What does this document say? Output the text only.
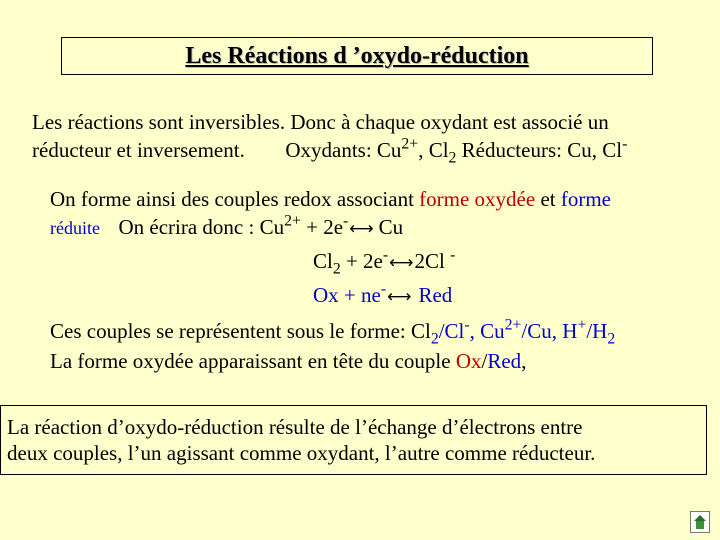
Les Réactions d ’oxydo-réduction
Les réactions sont inversibles. Donc à chaque oxydant est associé un
réducteur et inversement. Oxydants: $Cu^{2+}$, $Cl_2$ Réducteurs: Cu, Cl-
On forme ainsi des couples redox associant forme oxydée et forme
réduite On écrira donc : $Cu^{2+}$ + 2e-⟷ Cu
$Cl_2$ + 2e-⟷2Cl -
Ox + ne-⟷ Red
Ces couples se représentent sous le forme: $Cl_2/Cl^-$, $Cu^{2+}/Cu$, $H^+/H_2$
La forme oxydée apparaissant en tête du couple Ox/Red,
La réaction d’oxydo-réduction résulte de l’échange d’électrons entre
deux couples, l’un agissant comme oxydant, l’autre comme réducteur.
